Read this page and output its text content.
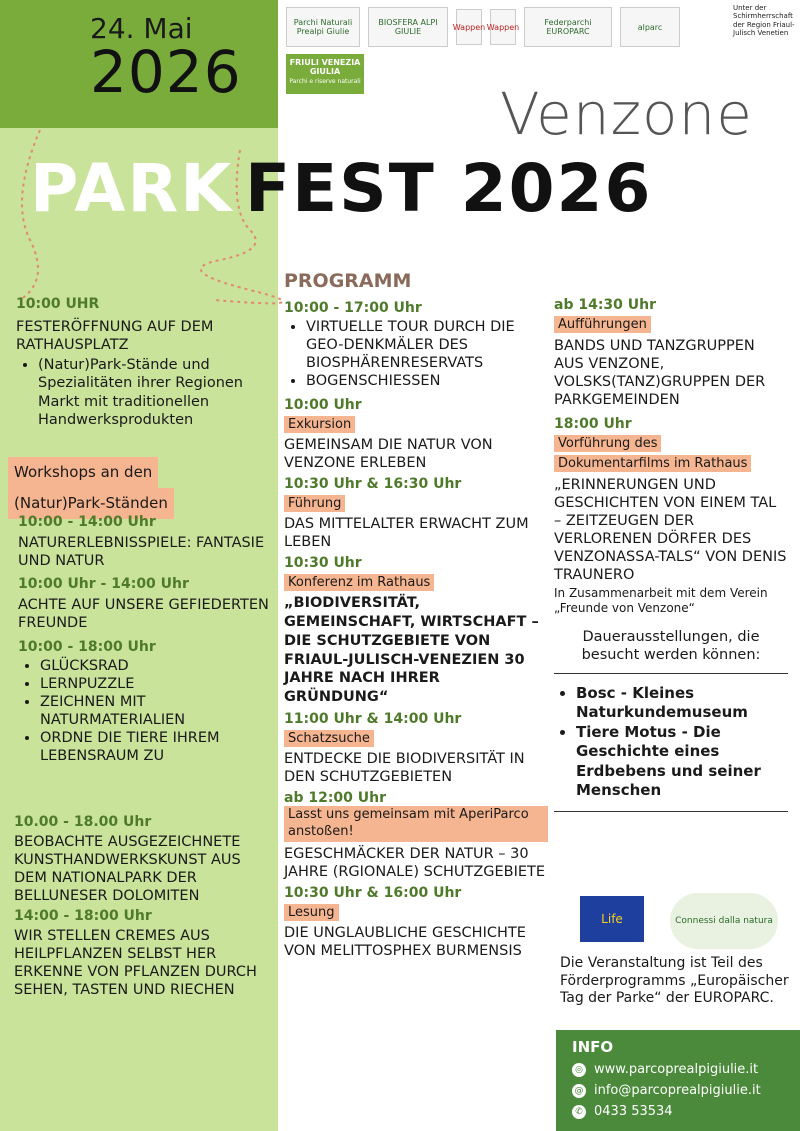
24. Mai
2026
Parchi Naturali Prealpi Giulie
BIOSFERA ALPI GIULIE	Wappen Wappen	Federparchi EUROPARC	alparc
Unter der Schirmherrschaft der Region Friaul-Julisch Venetien
FRIULI VENEZIA GIULIA
Parchi e riserve naturali Venzone
PARK FEST 2026
10:00 UHR
FESTERÖFFNUNG AUF DEM RATHAUSPLATZ
• (Natur)Park-Stände und Spezialitäten ihrer Regionen Markt mit traditionellen Handwerksprodukten
Workshops an den
(Natur)Park-Ständen
10:00 - 14:00 Uhr
NATURERLEBNISSPIELE: FANTASIE UND NATUR
10:00 Uhr - 14:00 Uhr
ACHTE AUF UNSERE GEFIEDERTEN FREUNDE
10:00 - 18:00 Uhr
• GLÜCKSRAD
• LERNPUZZLE
• ZEICHNEN MIT NATURMATERIALIEN
• ORDNE DIE TIERE IHREM LEBENSRAUM ZU
10.00 - 18.00 Uhr
BEOBACHTE AUSGEZEICHNETE KUNSTHANDWERKSKUNST AUS DEM NATIONALPARK DER BELLUNESER DOLOMITEN
14:00 - 18:00 Uhr
WIR STELLEN CREMES AUS HEILPFLANZEN SELBST HER ERKENNE VON PFLANZEN DURCH SEHEN, TASTEN UND RIECHEN
PROGRAMM
10:00 - 17:00 Uhr
• VIRTUELLE TOUR DURCH DIE GEO-DENKMÄLER DES BIOSPHÄRENRESERVATS
• BOGENSCHIESSEN
10:00 Uhr
Exkursion
GEMEINSAM DIE NATUR VON VENZONE ERLEBEN
10:30 Uhr & 16:30 Uhr
Führung
DAS MITTELALTER ERWACHT ZUM LEBEN
10:30 Uhr
Konferenz im Rathaus
„BIODIVERSITÄT, GEMEINSCHAFT, WIRTSCHAFT – DIE SCHUTZGEBIETE VON FRIAUL-JULISCH-VENEZIEN 30 JAHRE NACH IHRER GRÜNDUNG“
11:00 Uhr & 14:00 Uhr
Schatzsuche
ENTDECKE DIE BIODIVERSITÄT IN DEN SCHUTZGEBIETEN
ab 12:00 Uhr
Lasst uns gemeinsam mit AperiParco anstoßen!
EGESCHMÄCKER DER NATUR – 30 JAHRE (RGIONALE) SCHUTZGEBIETE
10:30 Uhr & 16:00 Uhr
Lesung
DIE UNGLAUBLICHE GESCHICHTE VON MELITTOSPHEX BURMENSIS
ab 14:30 Uhr
Aufführungen
BANDS UND TANZGRUPPEN AUS VENZONE, VOLSKS(TANZ)GRUPPEN DER PARKGEMEINDEN
18:00 Uhr
Vorführung des
Dokumentarfilms im Rathaus
„ERINNERUNGEN UND GESCHICHTEN VON EINEM TAL – ZEITZEUGEN DER VERLORENEN DÖRFER DES VENZONASSA-TALS“ VON DENIS TRAUNERO
In Zusammenarbeit mit dem Verein „Freunde von Venzone“
Dauerausstellungen, die besucht werden können:
• Bosc - Kleines Naturkundemuseum
• Tiere Motus - Die Geschichte eines Erdbebens und seiner Menschen
Life	Connessi dalla natura
Die Veranstaltung ist Teil des Förderprogramms „Europäischer Tag der Parke“ der EUROPARC.
INFO
◎ www.parcoprealpigiulie.it
@ info@parcoprealpigiulie.it
✆ 0433 53534
